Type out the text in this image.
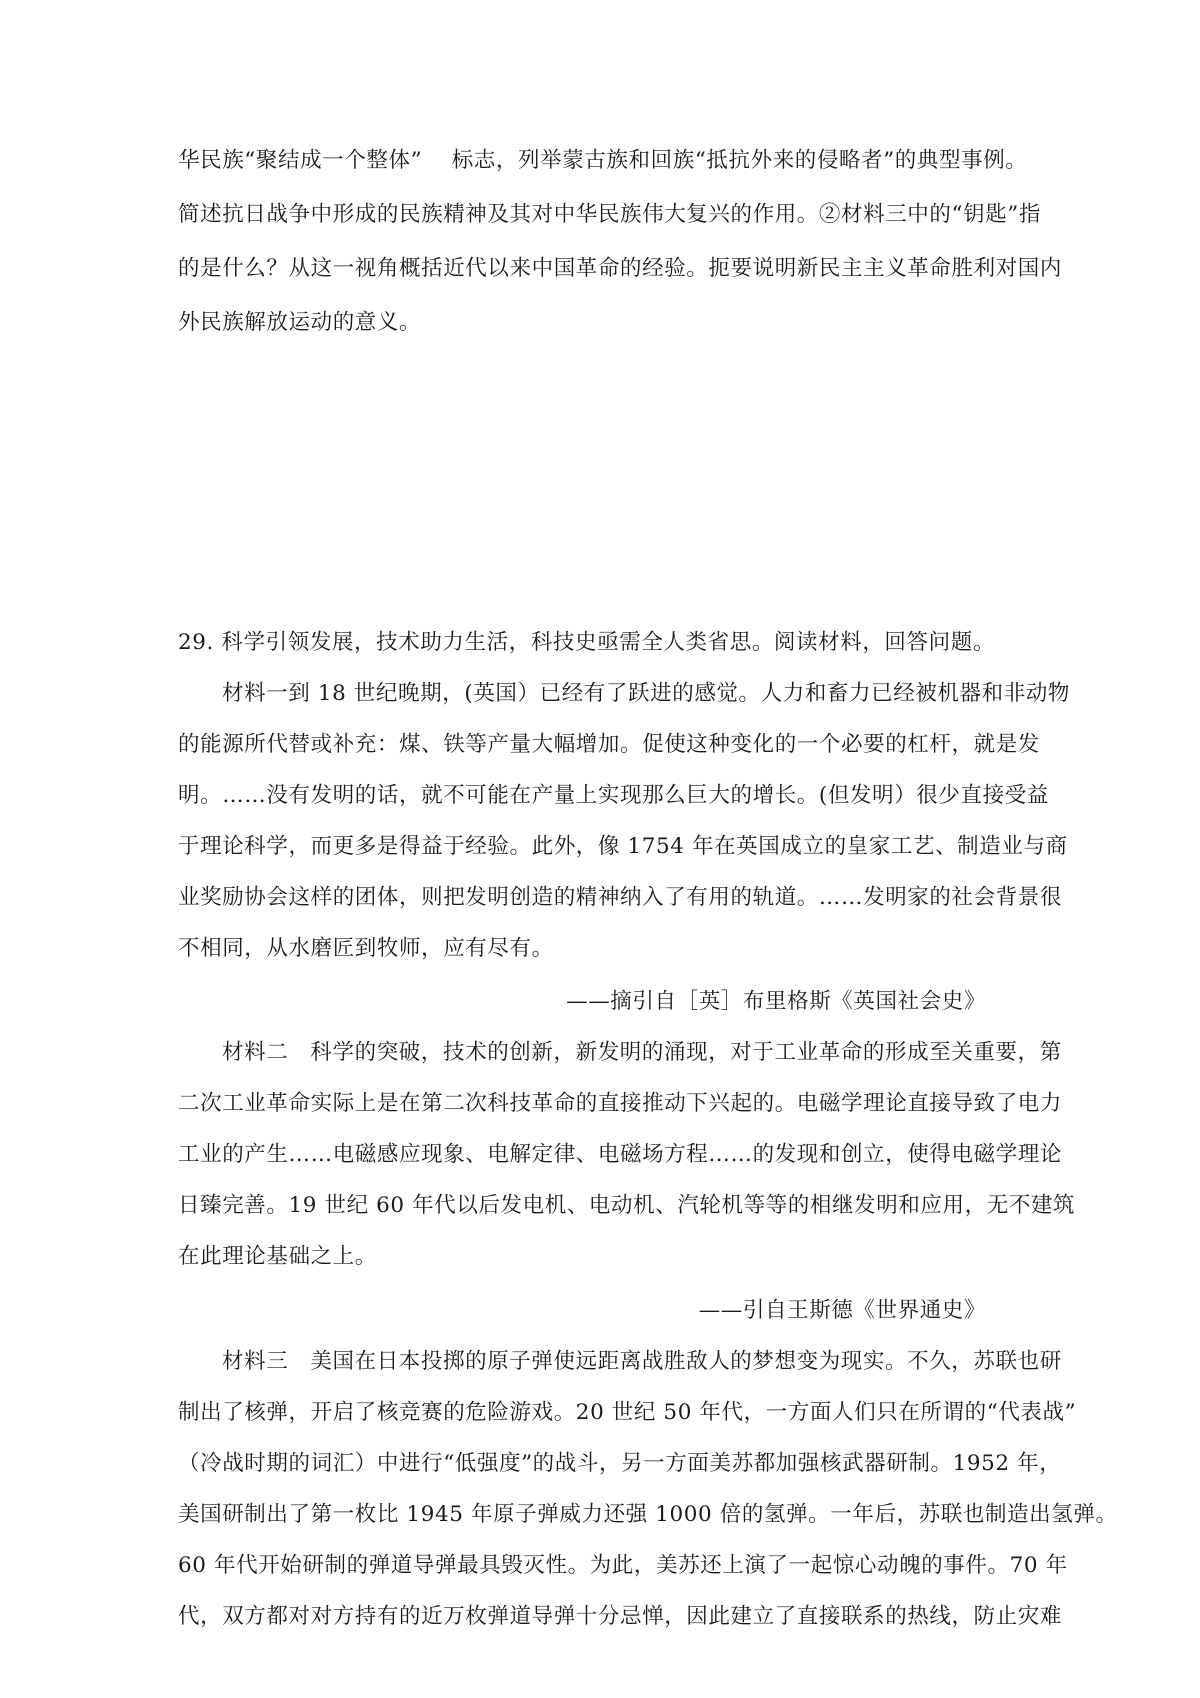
华民族“聚结成一个整体”　 标志，列举蒙古族和回族“抵抗外来的侵略者”的典型事例。

简述抗日战争中形成的民族精神及其对中华民族伟大复兴的作用。②材料三中的“钥匙”指

的是什么？从这一视角概括近代以来中国革命的经验。扼要说明新民主主义革命胜利对国内

外民族解放运动的意义。

29. 科学引领发展，技术助力生活，科技史亟需全人类省思。阅读材料，回答问题。

材料一到 18 世纪晚期，(英国）已经有了跃进的感觉。人力和畜力已经被机器和非动物

的能源所代替或补充：煤、铁等产量大幅增加。促使这种变化的一个必要的杠杆，就是发

明。……没有发明的话，就不可能在产量上实现那么巨大的增长。(但发明）很少直接受益

于理论科学，而更多是得益于经验。此外，像 1754 年在英国成立的皇家工艺、制造业与商

业奖励协会这样的团体，则把发明创造的精神纳入了有用的轨道。……发明家的社会背景很

不相同，从水磨匠到牧师，应有尽有。

——摘引自［英］布里格斯《英国社会史》

材料二　科学的突破，技术的创新，新发明的涌现，对于工业革命的形成至关重要，第

二次工业革命实际上是在第二次科技革命的直接推动下兴起的。电磁学理论直接导致了电力

工业的产生……电磁感应现象、电解定律、电磁场方程……的发现和创立，使得电磁学理论

日臻完善。19 世纪 60 年代以后发电机、电动机、汽轮机等等的相继发明和应用，无不建筑

在此理论基础之上。

——引自王斯德《世界通史》

材料三　美国在日本投掷的原子弹使远距离战胜敌人的梦想变为现实。不久，苏联也研

制出了核弹，开启了核竞赛的危险游戏。20 世纪 50 年代，一方面人们只在所谓的“代表战”

（冷战时期的词汇）中进行“低强度”的战斗，另一方面美苏都加强核武器研制。1952 年，

美国研制出了第一枚比 1945 年原子弹威力还强 1000 倍的氢弹。一年后，苏联也制造出氢弹。

60 年代开始研制的弹道导弹最具毁灭性。为此，美苏还上演了一起惊心动魄的事件。70 年

代，双方都对对方持有的近万枚弹道导弹十分忌惮，因此建立了直接联系的热线，防止灾难
